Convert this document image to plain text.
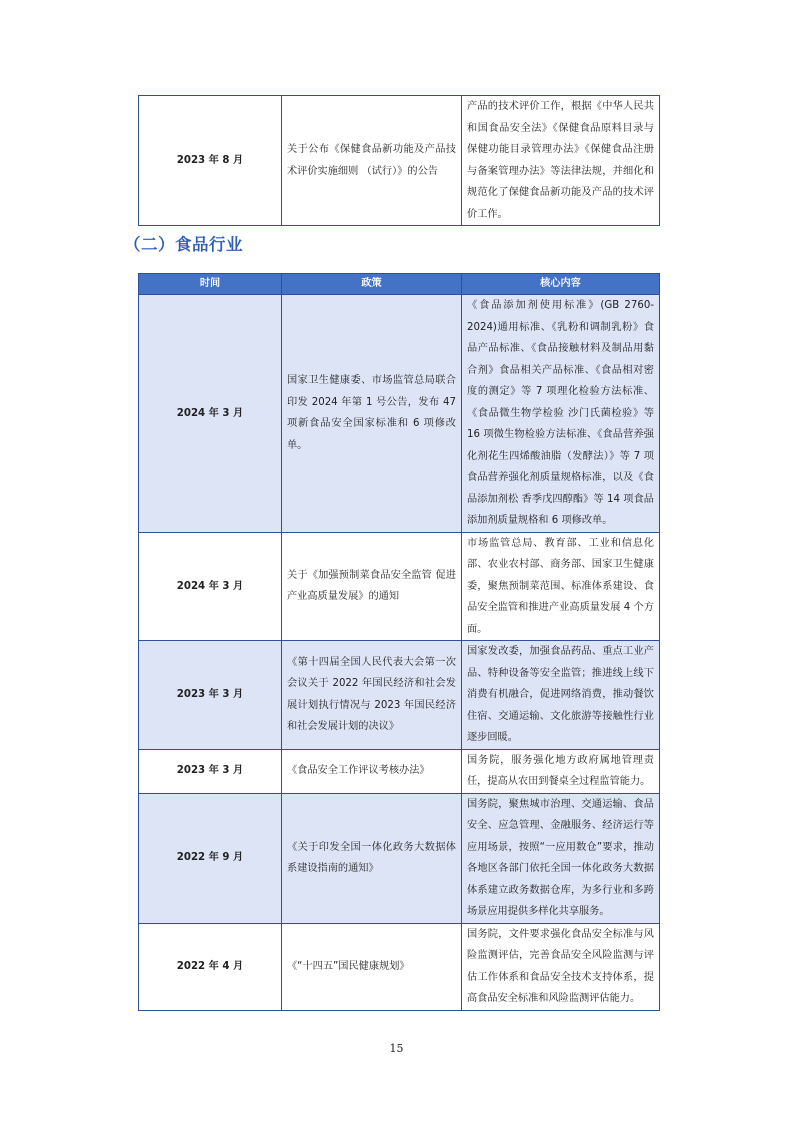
2023 年 8 月	关于公布《保健食品新功能及产品技术评价实施细则 （试行）》的公告	产品的技术评价工作，根据《中华人民共和国食品安全法》《保健食品原料目录与保健功能目录管理办法》《保健食品注册与备案管理办法》等法律法规，并细化和规范化了保健食品新功能及产品的技术评价工作。
（二）食品行业
时间	政策	核心内容
2024 年 3 月	国家卫生健康委、市场监管总局联合印发 2024 年第 1 号公告，发布 47 项新食品安全国家标准和 6 项修改单。	《食品添加剂使用标准》(GB 2760-2024)通用标准、《乳粉和调制乳粉》食品产品标准、《食品接触材料及制品用黏合剂》食品相关产品标准、《食品相对密度的测定》等 7 项理化检验方法标准、《食品微生物学检验 沙门氏菌检验》等 16 项微生物检验方法标准、《食品营养强化剂花生四烯酸油脂（发酵法）》等 7 项食品营养强化剂质量规格标准，以及《食品添加剂松 香季戊四醇酯》等 14 项食品添加剂质量规格和 6 项修改单。
2024 年 3 月	关于《加强预制菜食品安全监管 促进产业高质量发展》的通知	市场监管总局、教育部、工业和信息化部、农业农村部、商务部、国家卫生健康委，聚焦预制菜范围、标准体系建设、食品安全监管和推进产业高质量发展 4 个方面。
2023 年 3 月	《第十四届全国人民代表大会第一次会议关于 2022 年国民经济和社会发展计划执行情况与 2023 年国民经济和社会发展计划的决议》	国家发改委，加强食品药品、重点工业产品、特种设备等安全监管；推进线上线下消费有机融合，促进网络消费，推动餐饮住宿、交通运输、文化旅游等接触性行业逐步回暖。
2023 年 3 月	《食品安全工作评议考核办法》	国务院，服务强化地方政府属地管理责任，提高从农田到餐桌全过程监管能力。
2022 年 9 月	《关于印发全国一体化政务大数据体系建设指南的通知》	国务院，聚焦城市治理、交通运输、食品安全、应急管理、金融服务、经济运行等应用场景，按照“一应用数仓”要求，推动各地区各部门依托全国一体化政务大数据体系建立政务数据仓库，为多行业和多跨场景应用提供多样化共享服务。
2022 年 4 月	《“十四五”国民健康规划》	国务院，文件要求强化食品安全标准与风险监测评估，完善食品安全风险监测与评估工作体系和食品安全技术支持体系，提高食品安全标准和风险监测评估能力。
15
